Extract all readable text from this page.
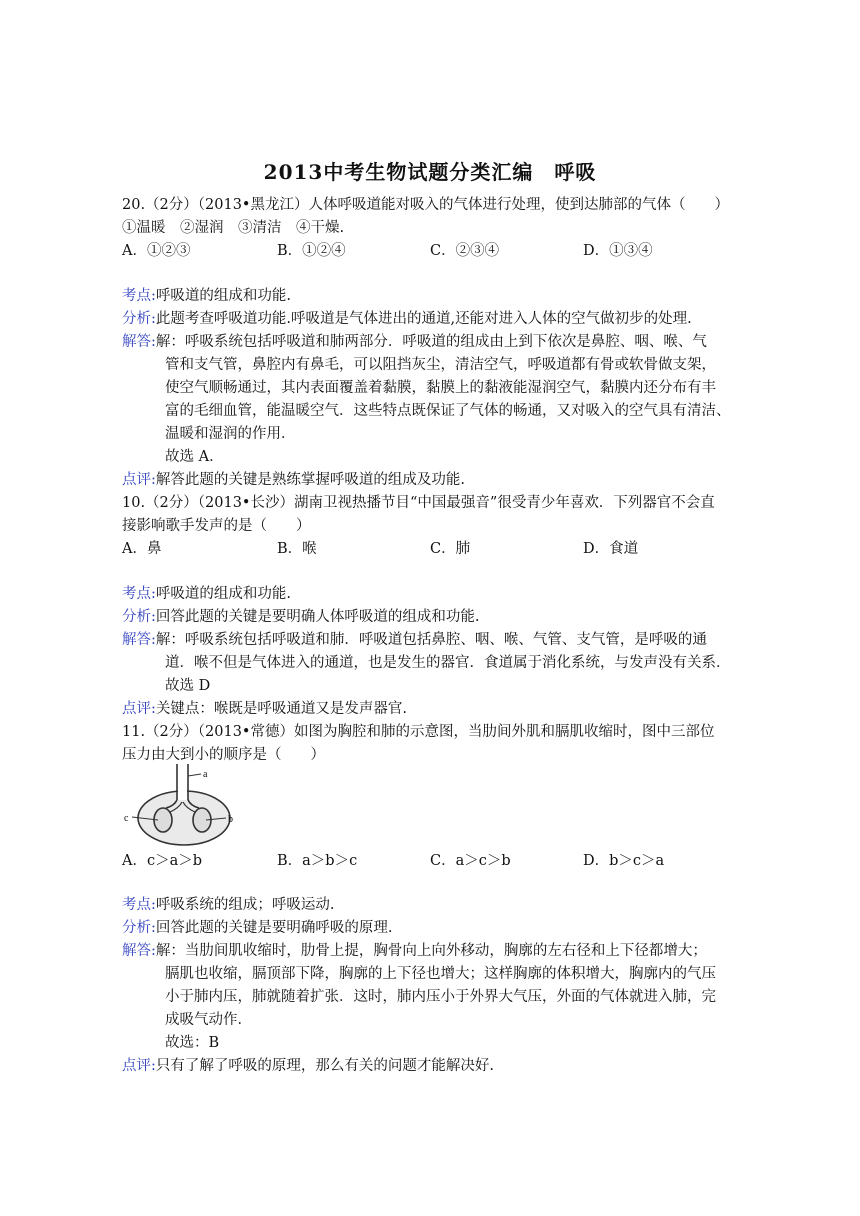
2013中考生物试题分类汇编　呼吸
20.（2分）（2013•黑龙江）人体呼吸道能对吸入的气体进行处理，使到达肺部的气体（　　）
①温暖　②湿润　③清洁　④干燥.
A．①②③	B．①②④	C．②③④	D．①③④
考点:呼吸道的组成和功能.
分析:此题考查呼吸道功能.呼吸道是气体进出的通道,还能对进入人体的空气做初步的处理.
解答:解：呼吸系统包括呼吸道和肺两部分．呼吸道的组成由上到下依次是鼻腔、咽、喉、气
管和支气管，鼻腔内有鼻毛，可以阻挡灰尘，清洁空气，呼吸道都有骨或软骨做支架，
使空气顺畅通过，其内表面覆盖着黏膜，黏膜上的黏液能湿润空气，黏膜内还分布有丰
富的毛细血管，能温暖空气．这些特点既保证了气体的畅通，又对吸入的空气具有清洁、
温暖和湿润的作用．
故选 A．
点评:解答此题的关键是熟练掌握呼吸道的组成及功能.
10.（2分）（2013•长沙）湖南卫视热播节目“中国最强音”很受青少年喜欢．下列器官不会直
接影响歌手发声的是（　　）
A．鼻	B．喉	C．肺	D．食道
考点:呼吸道的组成和功能.
分析:回答此题的关键是要明确人体呼吸道的组成和功能.
解答:解：呼吸系统包括呼吸道和肺．呼吸道包括鼻腔、咽、喉、气管、支气管，是呼吸的通
道．喉不但是气体进入的通道，也是发生的器官．食道属于消化系统，与发声没有关系．
故选 D
点评:关键点：喉既是呼吸通道又是发声器官.
11.（2分）（2013•常德）如图为胸腔和肺的示意图，当肋间外肌和膈肌收缩时，图中三部位
压力由大到小的顺序是（　　）
a
b
c
A．c＞a＞b	B．a＞b＞c	C．a＞c＞b	D．b＞c＞a
考点:呼吸系统的组成；呼吸运动.
分析:回答此题的关键是要明确呼吸的原理.
解答:解：当肋间肌收缩时，肋骨上提，胸骨向上向外移动，胸廓的左右径和上下径都增大；
膈肌也收缩，膈顶部下降，胸廓的上下径也增大；这样胸廓的体积增大，胸廓内的气压
小于肺内压，肺就随着扩张．这时，肺内压小于外界大气压，外面的气体就进入肺，完
成吸气动作．
故选：B
点评:只有了解了呼吸的原理，那么有关的问题才能解决好.
